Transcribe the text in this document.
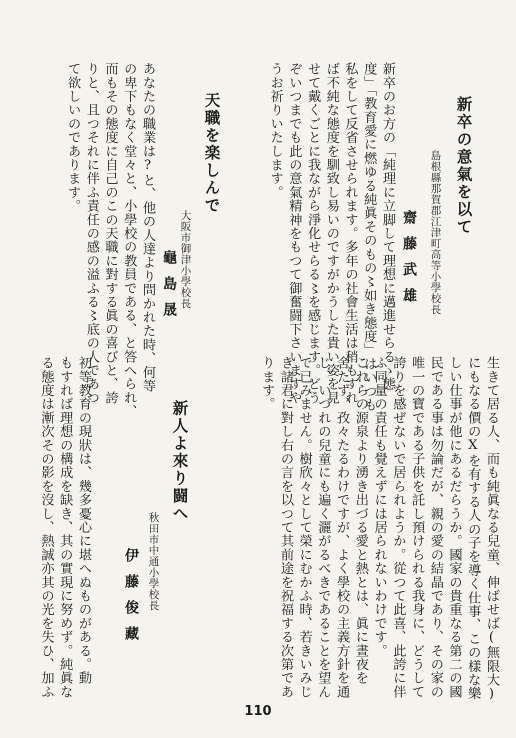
新卒の意氣を以て
島根縣那賀郡江津町高等小學校長
齋藤武雄
新卒のお方の「純理に立脚して理想に邁進せらるゝ態
度」「教育愛に燃ゆる純眞そのもの〻如き態度」はいつも
私をして反省させられます。多年の社會生活は稍もすれ
ば不純な態度を馴致し易いのですがかうした貴い姿を見
せて戴くごとに我ながら淨化せらる〻を感じます。どう
ぞいつまでも此の意氣精神をもつて御奮闘下さいますや
うお祈りいたします。
天職を楽しんで
大阪市御津小學校長
龜島晟
あなたの職業は?と、他の人達より問かれた時、何等
の卑下もなく堂々と、小學校の教員である、と答へられ、
而もその態度に自己のこの天職に對する眞の喜びと、誇
りと、且つそれに伴ふ責任の感の溢ふる〻底の人であつ
て欲しいのであります。
生きて居る人、而も純眞なる兒童、伸ばせば(無限大)
にもなる價のXを有する人の子を導く仕事、この樣な樂
しい仕事が他にあるだらうか。國家の貴重なる第二の國
民である事は勿論だが、親の愛の結晶であり、その家の
唯一の寶である子供を託し預けられる我身に、どうして
誇りを感ぜないで居られようか。從つて此喜、此誇に伴
ふ同量の責任も覺えずには居られないわけです。
これらの源泉より湧き出づる愛と熱とは、眞に晝夜を
舍たず、孜々たるわけですが、よく學校の主義方針を通
じ、いづれの兒童にも遍く灑がるべきであることを望ん
で已みません。樹欣々として榮にむかふ時、若きいみじ
き諸君に對し右の言を以つて其前途を祝福する次第であ
ります。
新人よ來り闘へ
秋田市中通小學校長
伊藤俊藏
初等教育の現狀は、幾多憂心に堪へぬものがある。動
もすれば理想の構成を缺き、其の實現に努めず。純眞な
る態度は漸次その影を沒し、熱誠亦其の光を失ひ、加ふ
110
